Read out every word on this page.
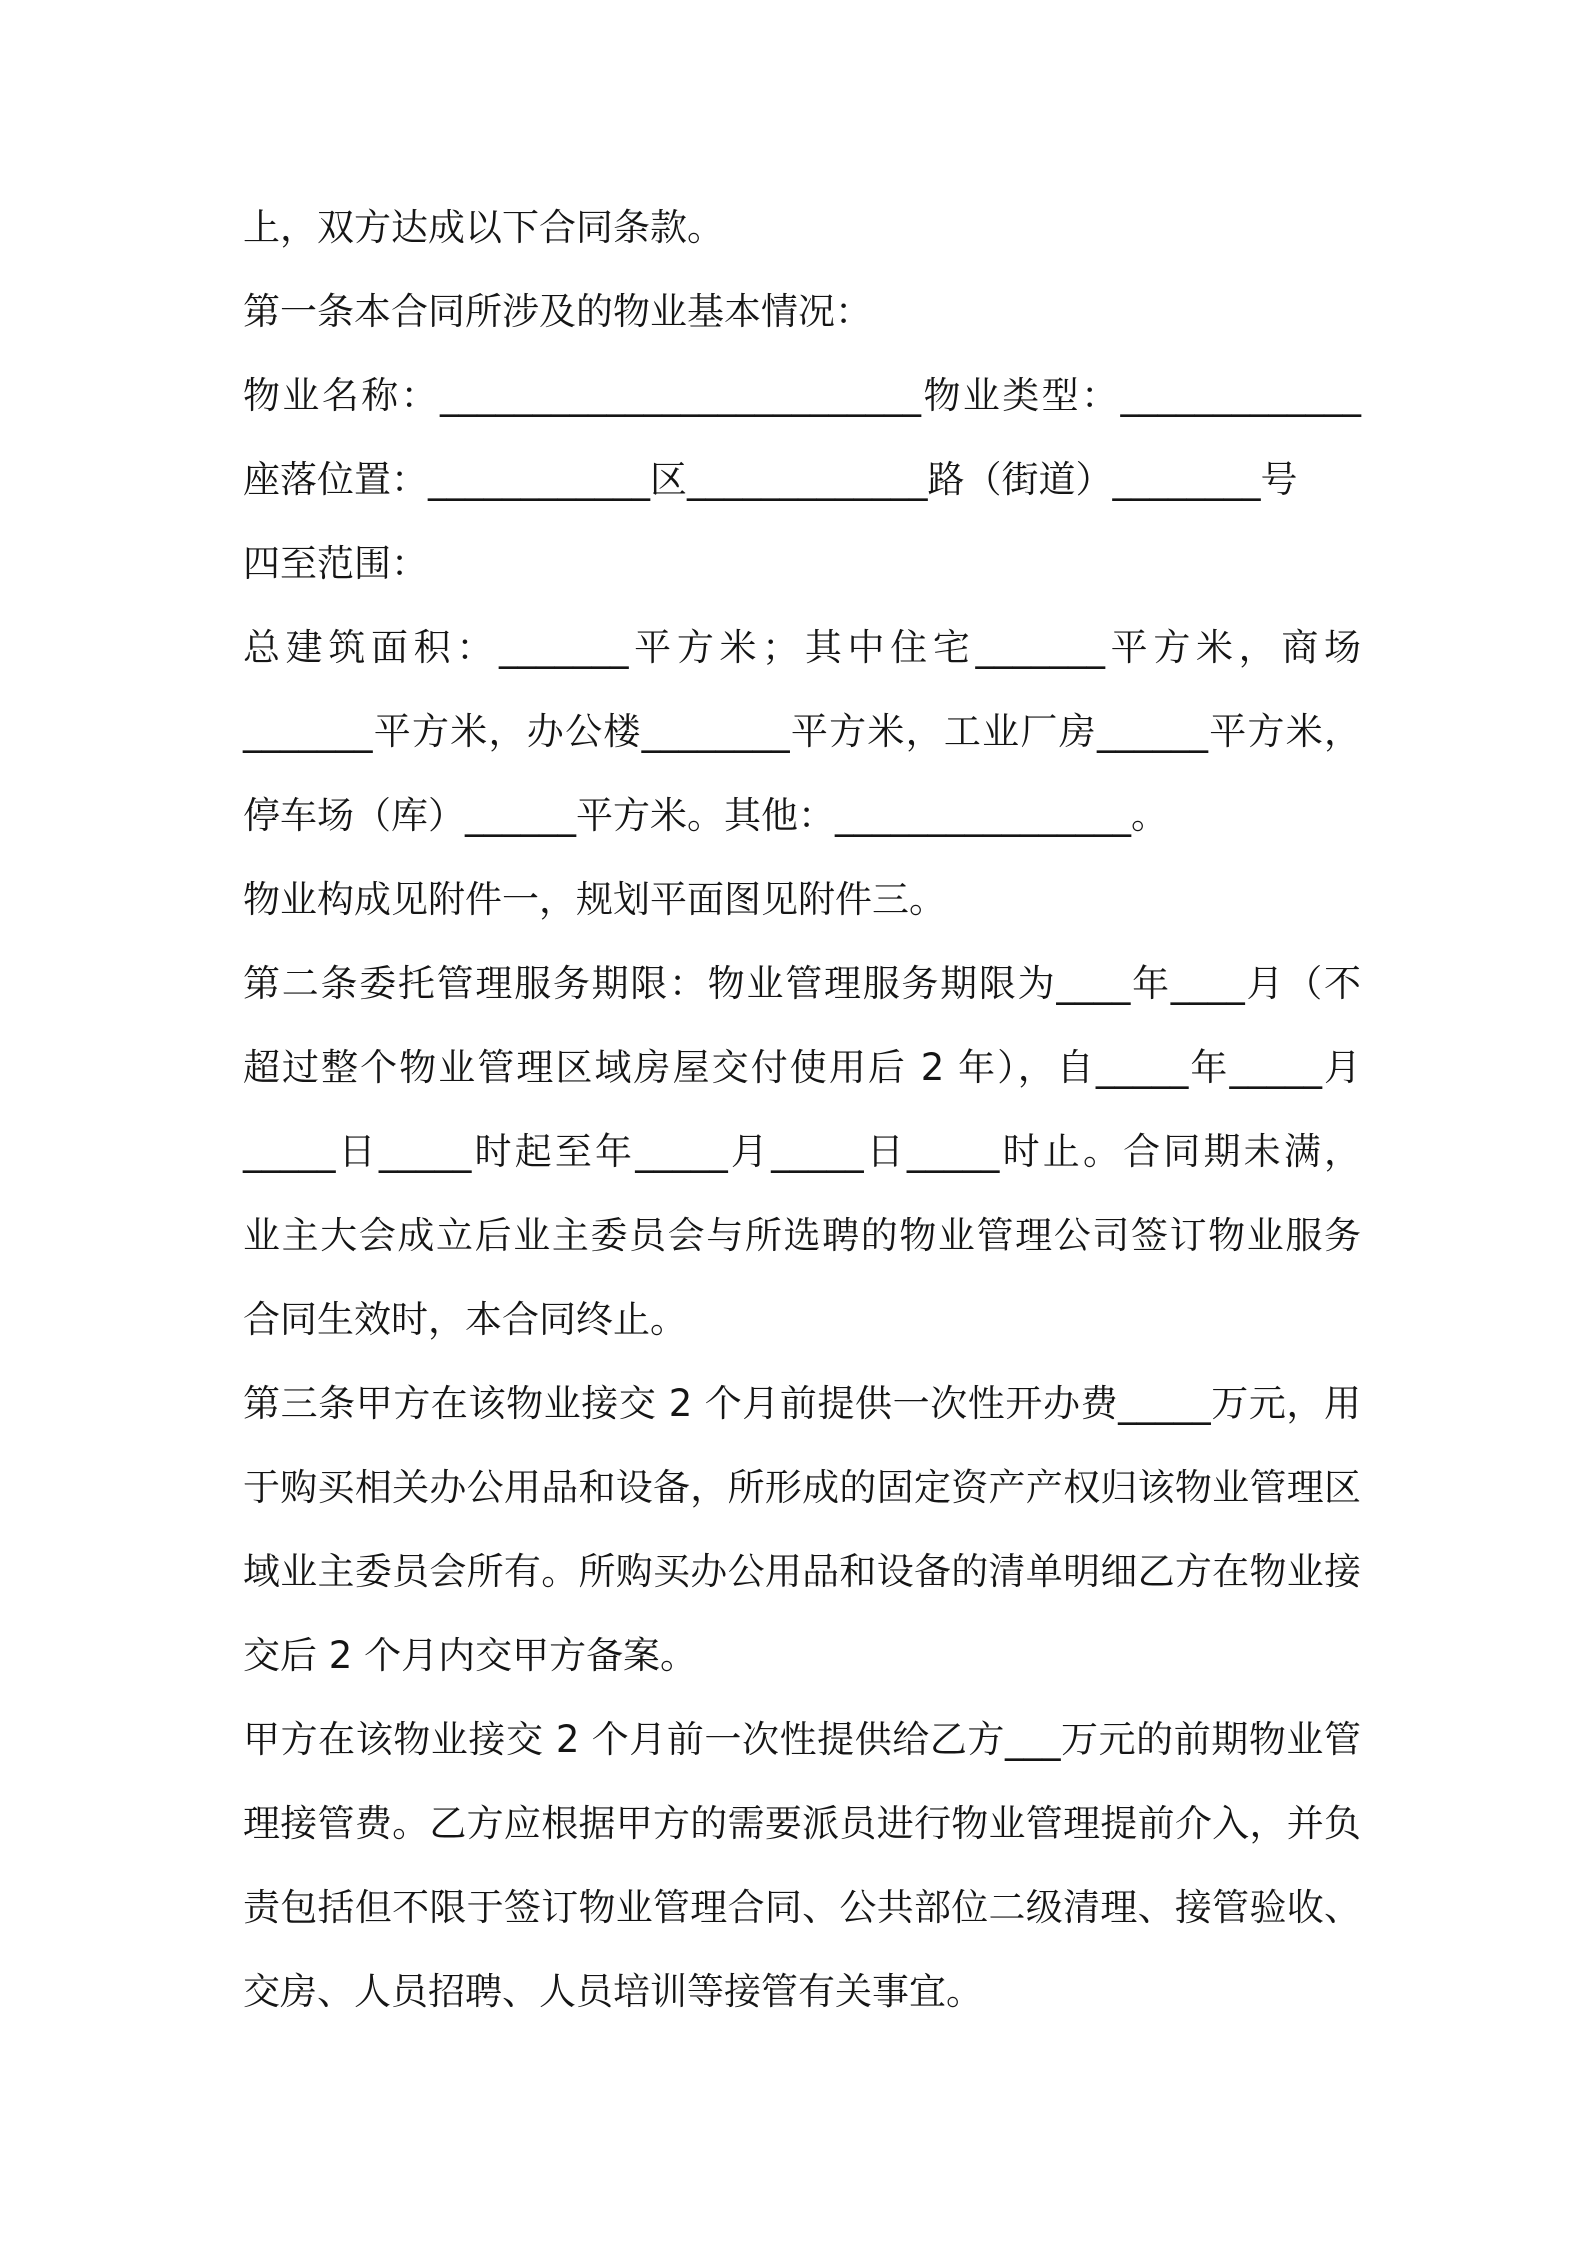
上，双方达成以下合同条款。
第一条本合同所涉及的物业基本情况：
物业名称：__________________________物业类型：_____________
座落位置：____________区_____________路（街道）________号
四至范围：
总建筑面积：_______平方米；其中住宅_______平方米，商场
_______平方米，办公楼________平方米，工业厂房______平方米，
停车场（库）______平方米。其他：________________。
物业构成见附件一，规划平面图见附件三。
第二条委托管理服务期限：物业管理服务期限为____年____月（不
超过整个物业管理区域房屋交付使用后 2 年），自_____年_____月
_____日_____时起至年_____月_____日_____时止。合同期未满，
业主大会成立后业主委员会与所选聘的物业管理公司签订物业服务
合同生效时，本合同终止。
第三条甲方在该物业接交 2 个月前提供一次性开办费_____万元，用
于购买相关办公用品和设备，所形成的固定资产产权归该物业管理区
域业主委员会所有。所购买办公用品和设备的清单明细乙方在物业接
交后 2 个月内交甲方备案。
甲方在该物业接交 2 个月前一次性提供给乙方___万元的前期物业管
理接管费。乙方应根据甲方的需要派员进行物业管理提前介入，并负
责包括但不限于签订物业管理合同、公共部位二级清理、接管验收、
交房、人员招聘、人员培训等接管有关事宜。
